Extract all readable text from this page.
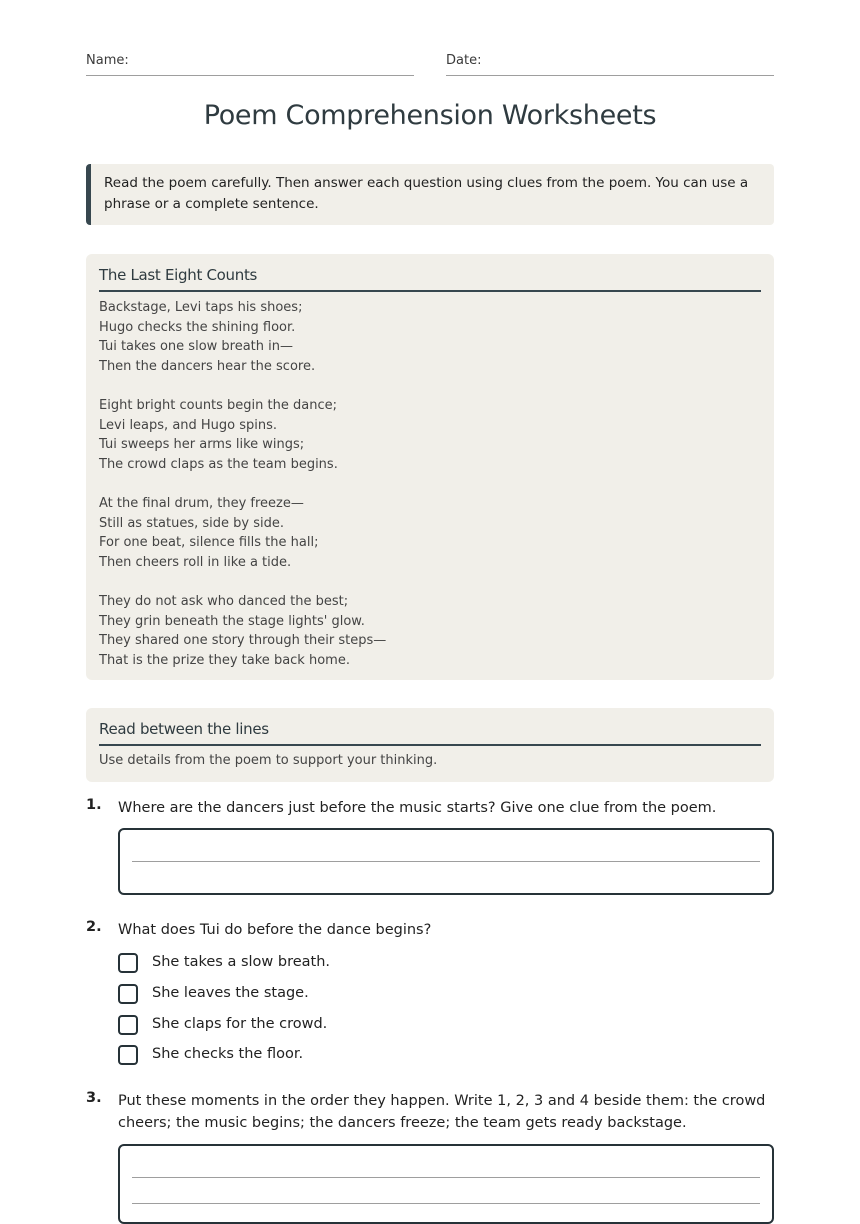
Name:	Date:
Poem Comprehension Worksheets
Read the poem carefully. Then answer each question using clues from the poem. You can use a phrase or a complete sentence.
The Last Eight Counts
Backstage, Levi taps his shoes;
Hugo checks the shining floor.
Tui takes one slow breath in—
Then the dancers hear the score.
Eight bright counts begin the dance;
Levi leaps, and Hugo spins.
Tui sweeps her arms like wings;
The crowd claps as the team begins.
At the final drum, they freeze—
Still as statues, side by side.
For one beat, silence fills the hall;
Then cheers roll in like a tide.
They do not ask who danced the best;
They grin beneath the stage lights' glow.
They shared one story through their steps—
That is the prize they take back home.
Read between the lines
Use details from the poem to support your thinking.
1. Where are the dancers just before the music starts? Give one clue from the poem.
2. What does Tui do before the dance begins?
She takes a slow breath.
She leaves the stage.
She claps for the crowd.
She checks the floor.
3. Put these moments in the order they happen. Write 1, 2, 3 and 4 beside them: the crowd cheers; the music begins; the dancers freeze; the team gets ready backstage.
